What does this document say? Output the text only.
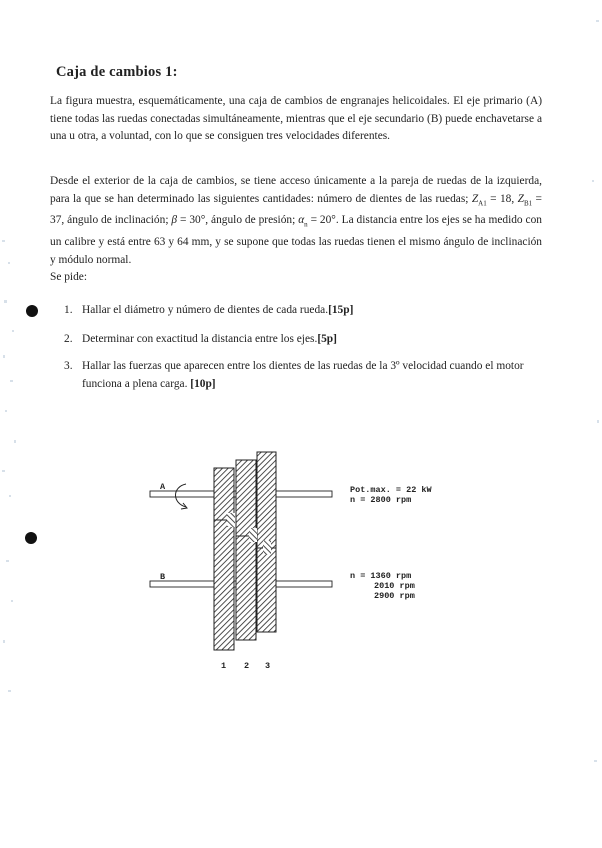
Caja de cambios 1:
La figura muestra, esquemáticamente, una caja de cambios de engranajes helicoidales. El eje primario (A) tiene todas las ruedas conectadas simultáneamente, mientras que el eje secundario (B) puede enchavetarse a una u otra, a voluntad, con lo que se consiguen tres velocidades diferentes.
Desde el exterior de la caja de cambios, se tiene acceso únicamente a la pareja de ruedas de la izquierda, para la que se han determinado las siguientes cantidades: número de dientes de las ruedas; $Z_{A1} = 18$, $Z_{B1} = 37$, ángulo de inclinación; β = 30°, ángulo de presión; $\alpha_n = 20^\circ$. La distancia entre los ejes se ha medido con un calibre y está entre 63 y 64 mm, y se supone que todas las ruedas tienen el mismo ángulo de inclinación y módulo normal.
Se pide:
1. Hallar el diámetro y número de dientes de cada rueda.[15p]
2. Determinar con exactitud la distancia entre los ejes.[5p]
3. Hallar las fuerzas que aparecen entre los dientes de las ruedas de la 3º velocidad cuando el motor funciona a plena carga. [10p]
A
B
Pot.max. = 22 kW
n = 2800 rpm
n = 1360 rpm
2010 rpm
2900 rpm
1 2 3
